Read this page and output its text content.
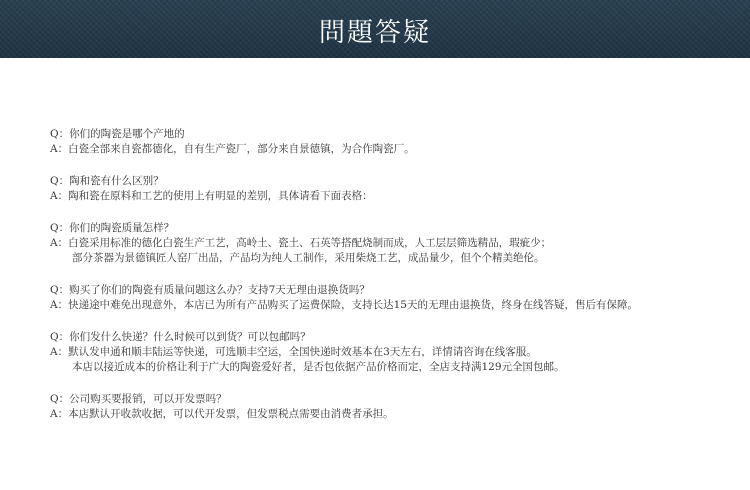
問題答疑
Q： 你们的陶瓷是哪个产地的
A： 白瓷全部来自瓷都德化，自有生产瓷厂，部分来自景德镇，为合作陶瓷厂。
Q： 陶和瓷有什么区别？
A： 陶和瓷在原料和工艺的使用上有明显的差别，具体请看下面表格：
Q： 你们的陶瓷质量怎样？
A： 白瓷采用标准的德化白瓷生产工艺，高岭土、瓷土、石英等搭配烧制而成，人工层层筛选精品，瑕疵少；
部分茶器为景德镇匠人窑厂出品，产品均为纯人工制作，采用柴烧工艺，成品量少，但个个精美绝伦。
Q： 购买了你们的陶瓷有质量问题这么办？支持7天无理由退换货吗？
A：快递途中难免出现意外，本店已为所有产品购买了运费保险，支持长达15天的无理由退换货，终身在线答疑，售后有保障。
Q： 你们发什么快递？什么时候可以到货？可以包邮吗？
A： 默认发申通和顺丰陆运等快递，可选顺丰空运，全国快递时效基本在3天左右，详情请咨询在线客服。
本店以接近成本的价格让利于广大的陶瓷爱好者，是否包依据产品价格而定，全店支持满129元全国包邮。
Q： 公司购买要报销，可以开发票吗？
A： 本店默认开收款收据，可以代开发票，但发票税点需要由消费者承担。
